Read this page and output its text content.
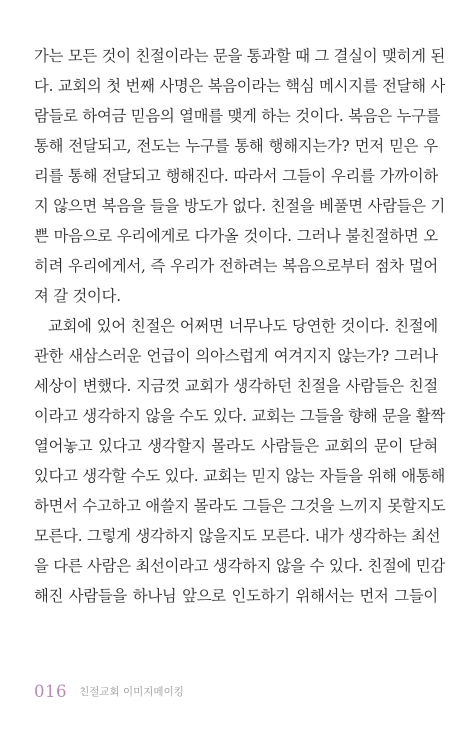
가는 모든 것이 친절이라는 문을 통과할 때 그 결실이 맺히게 된
다. 교회의 첫 번째 사명은 복음이라는 핵심 메시지를 전달해 사
람들로 하여금 믿음의 열매를 맺게 하는 것이다. 복음은 누구를
통해 전달되고, 전도는 누구를 통해 행해지는가? 먼저 믿은 우
리를 통해 전달되고 행해진다. 따라서 그들이 우리를 가까이하
지 않으면 복음을 들을 방도가 없다. 친절을 베풀면 사람들은 기
쁜 마음으로 우리에게로 다가올 것이다. 그러나 불친절하면 오
히려 우리에게서, 즉 우리가 전하려는 복음으로부터 점차 멀어
져 갈 것이다.

교회에 있어 친절은 어쩌면 너무나도 당연한 것이다. 친절에
관한 새삼스러운 언급이 의아스럽게 여겨지지 않는가? 그러나
세상이 변했다. 지금껏 교회가 생각하던 친절을 사람들은 친절
이라고 생각하지 않을 수도 있다. 교회는 그들을 향해 문을 활짝
열어놓고 있다고 생각할지 몰라도 사람들은 교회의 문이 닫혀
있다고 생각할 수도 있다. 교회는 믿지 않는 자들을 위해 애통해
하면서 수고하고 애쓸지 몰라도 그들은 그것을 느끼지 못할지도
모른다. 그렇게 생각하지 않을지도 모른다. 내가 생각하는 최선
을 다른 사람은 최선이라고 생각하지 않을 수 있다. 친절에 민감
해진 사람들을 하나님 앞으로 인도하기 위해서는 먼저 그들이

016 친절교회 이미지메이킹
